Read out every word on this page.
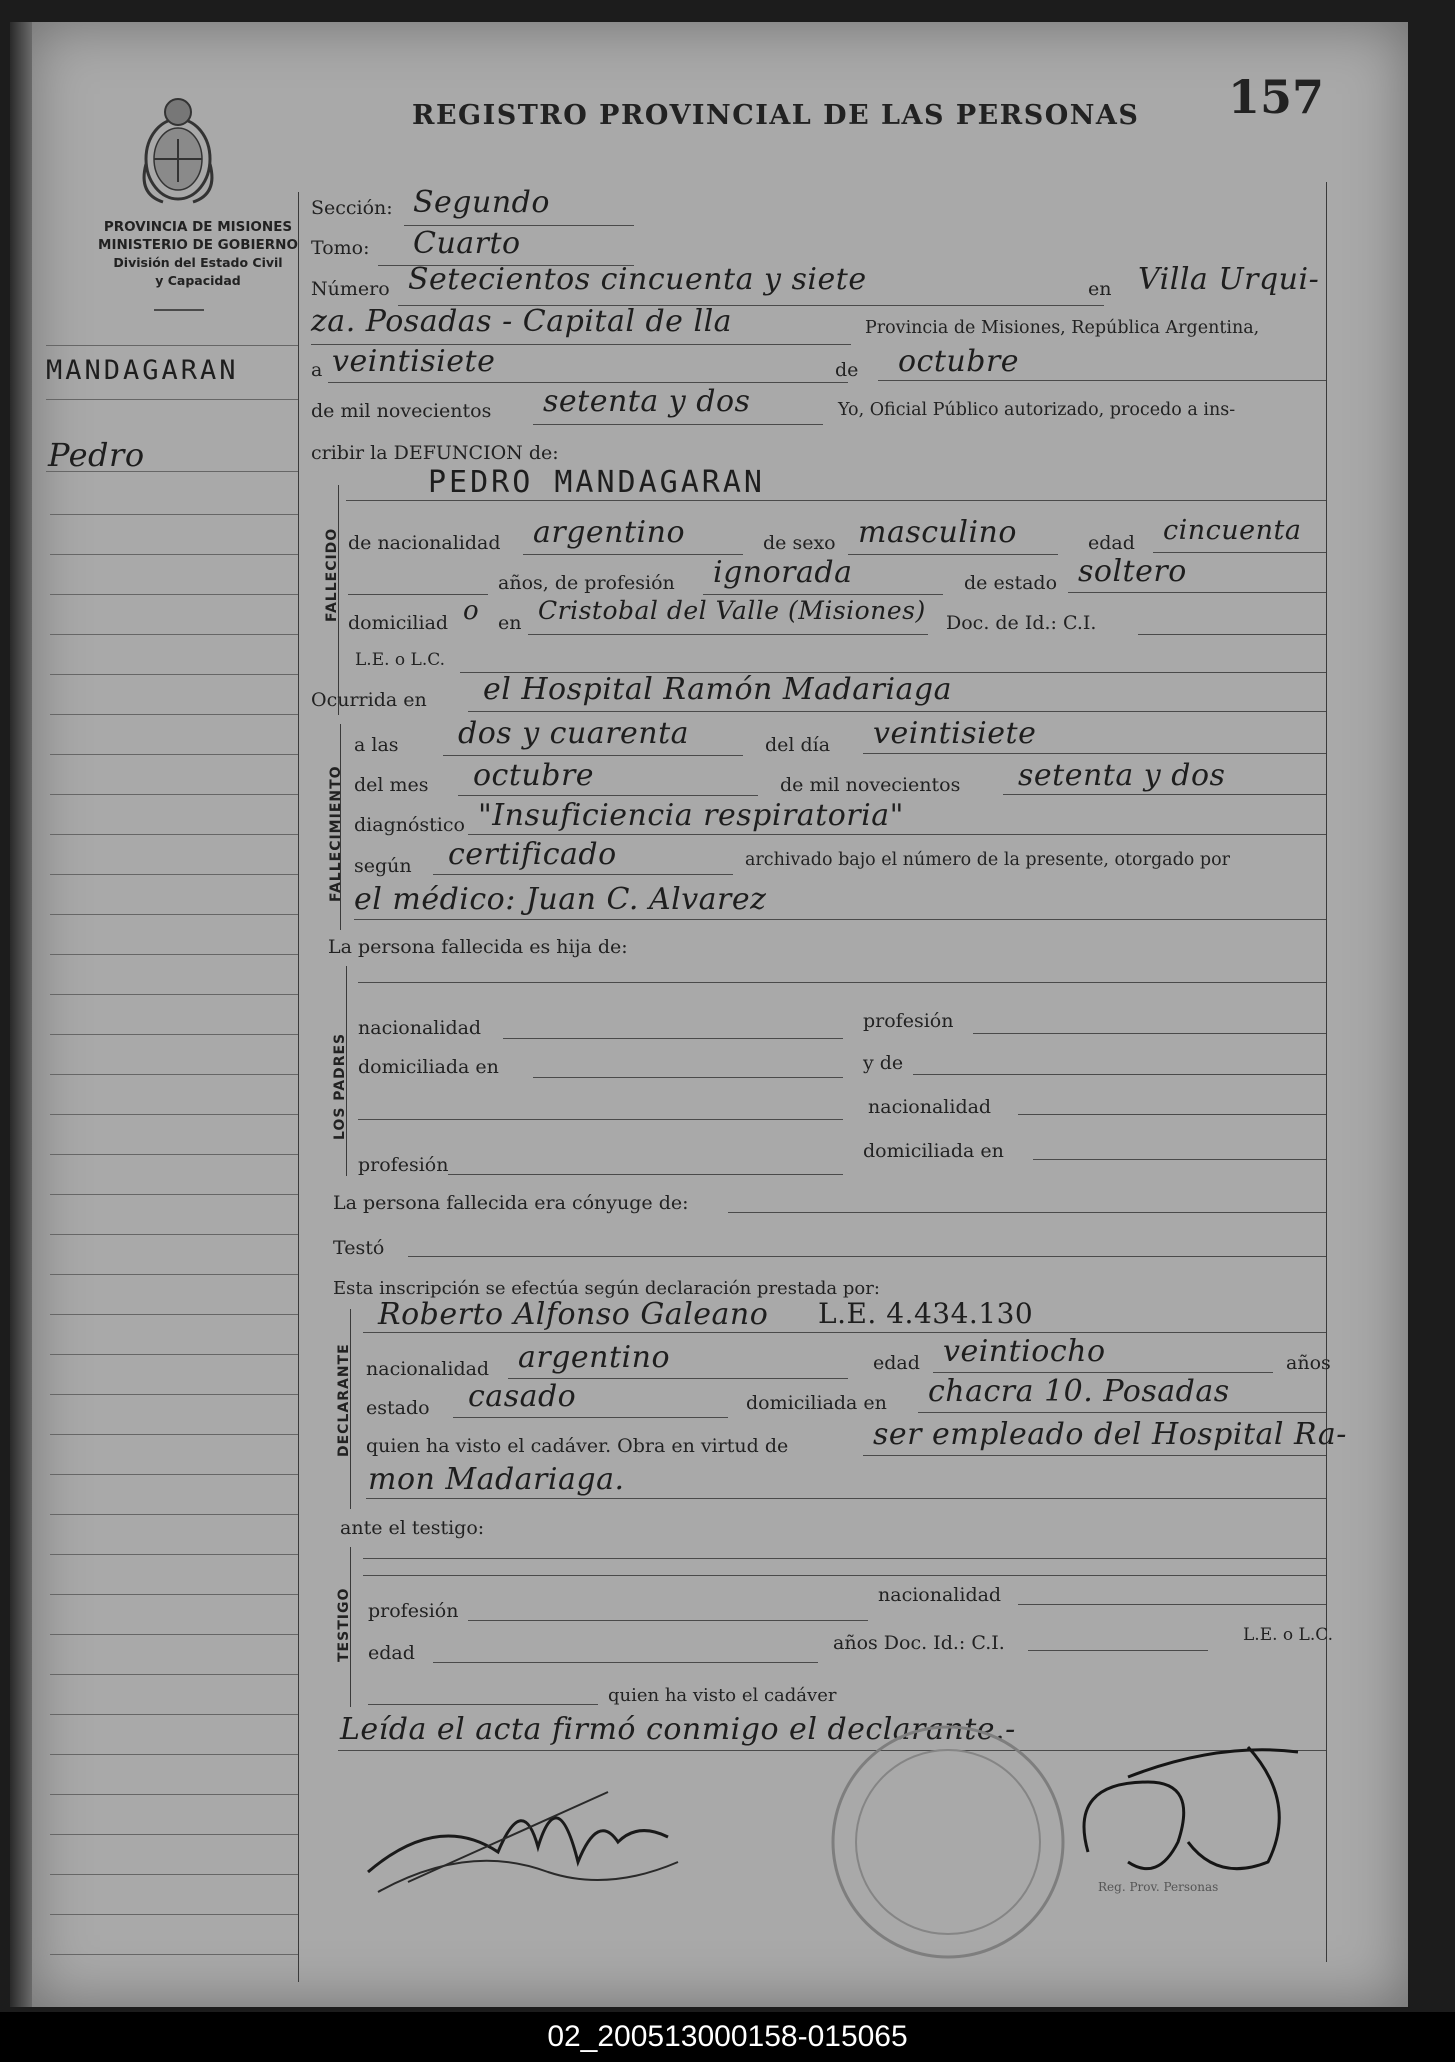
PROVINCIA DE MISIONES
MINISTERIO DE GOBIERNO
División del Estado Civil
y Capacidad
REGISTRO PROVINCIAL DE LAS PERSONAS 157
MANDAGARAN
Pedro
Sección: Segundo
Tomo: Cuarto
Número Setecientos cincuenta y siete	en Villa Urqui-
za. Posadas - Capital de lla	Provincia de Misiones, República Argentina,
a veintisiete	de octubre
de mil novecientos setenta y dos	Yo, Oficial Público autorizado, procedo a ins-
cribir la DEFUNCION de:
FALLECIDO
PEDRO MANDAGARAN
de nacionalidad argentino	de sexo masculino	edad cincuenta
años, de profesión ignorada	de estado soltero
domiciliad o en Cristobal del Valle (Misiones) Doc. de Id.: C.I.
L.E. o L.C.
Ocurrida en el Hospital Ramón Madariaga
FALLECIMIENTO
a las dos y cuarenta	del día veintisiete
del mes octubre	de mil novecientos setenta y dos
diagnóstico "Insuficiencia respiratoria"
según certificado	archivado bajo el número de la presente, otorgado por
el médico: Juan C. Alvarez
La persona fallecida es hija de:
LOS PADRES
nacionalidad	profesión
domiciliada en	y de
nacionalidad
profesión
domiciliada en
La persona fallecida era cónyuge de:
Testó
Esta inscripción se efectúa según declaración prestada por:
Roberto Alfonso Galeano L.E. 4.434.130
DECLARANTE nacionalidad argentino	edad veintiocho	años
estado casado	domiciliada en chacra 10. Posadas
quien ha visto el cadáver. Obra en virtud de	ser empleado del Hospital Ra-
mon Madariaga.
ante el testigo:
TESTIGO profesión
nacionalidad
edad	años Doc. Id.: C.I.	L.E. o L.C.
quien ha visto el cadáver
Leída el acta firmó conmigo el declarante.-
Reg. Prov. Personas
02_200513000158-015065
